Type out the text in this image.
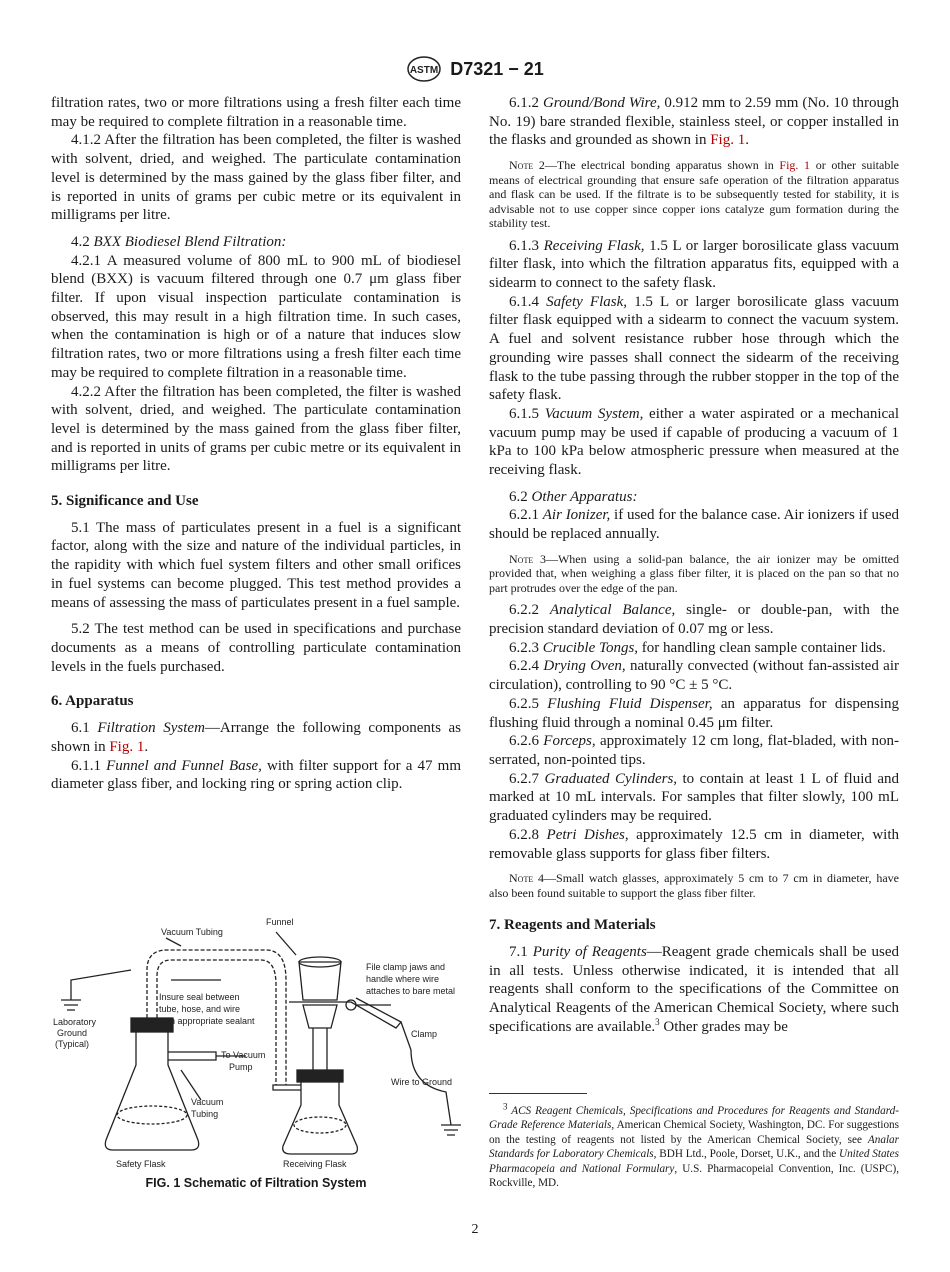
ASTM D7321 − 21

filtration rates, two or more filtrations using a fresh filter each time may be required to complete filtration in a reasonable time.

4.1.2 After the filtration has been completed, the filter is washed with solvent, dried, and weighed. The particulate contamination level is determined by the mass gained by the glass fiber filter, and is reported in units of grams per cubic metre or its equivalent in milligrams per litre.

4.2 BXX Biodiesel Blend Filtration:

4.2.1 A measured volume of 800 mL to 900 mL of biodiesel blend (BXX) is vacuum filtered through one 0.7 μm glass fiber filter. If upon visual inspection particulate contamination is observed, this may result in a high filtration time. In such cases, when the contamination is high or of a nature that induces slow filtration rates, two or more filtrations using a fresh filter each time may be required to complete filtration in a reasonable time.

4.2.2 After the filtration has been completed, the filter is washed with solvent, dried, and weighed. The particulate contamination level is determined by the mass gained from the glass fiber filter, and is reported in units of grams per cubic metre or its equivalent in milligrams per litre.

5. Significance and Use

5.1 The mass of particulates present in a fuel is a significant factor, along with the size and nature of the individual particles, in the rapidity with which fuel system filters and other small orifices in fuel systems can become plugged. This test method provides a means of assessing the mass of particulates present in a fuel sample.

5.2 The test method can be used in specifications and purchase documents as a means of controlling particulate contamination levels in the fuels purchased.

6. Apparatus

6.1 Filtration System—Arrange the following components as shown in Fig. 1.

6.1.1 Funnel and Funnel Base, with filter support for a 47 mm diameter glass fiber, and locking ring or spring action clip.

Vacuum Tubing
Funnel
File clamp jaws and
handle where wire
attaches to bare metal
Insure seal between
tube, hose, and wire
with appropriate sealant
Laboratory
Ground
(Typical)
Clamp
To Vacuum
Pump
Vacuum
Tubing
Wire to Ground
Safety Flask	Receiving Flask
FIG. 1 Schematic of Filtration System

6.1.2 Ground/Bond Wire, 0.912 mm to 2.59 mm (No. 10 through No. 19) bare stranded flexible, stainless steel, or copper installed in the flasks and grounded as shown in Fig. 1.

Note 2—The electrical bonding apparatus shown in Fig. 1 or other suitable means of electrical grounding that ensure safe operation of the filtration apparatus and flask can be used. If the filtrate is to be subsequently tested for stability, it is advisable not to use copper since copper ions catalyze gum formation during the stability test.

6.1.3 Receiving Flask, 1.5 L or larger borosilicate glass vacuum filter flask, into which the filtration apparatus fits, equipped with a sidearm to connect to the safety flask.

6.1.4 Safety Flask, 1.5 L or larger borosilicate glass vacuum filter flask equipped with a sidearm to connect the vacuum system. A fuel and solvent resistance rubber hose through which the grounding wire passes shall connect the sidearm of the receiving flask to the tube passing through the rubber stopper in the top of the safety flask.

6.1.5 Vacuum System, either a water aspirated or a mechanical vacuum pump may be used if capable of producing a vacuum of 1 kPa to 100 kPa below atmospheric pressure when measured at the receiving flask.

6.2 Other Apparatus:

6.2.1 Air Ionizer, if used for the balance case. Air ionizers if used should be replaced annually.

Note 3—When using a solid-pan balance, the air ionizer may be omitted provided that, when weighing a glass fiber filter, it is placed on the pan so that no part protrudes over the edge of the pan.

6.2.2 Analytical Balance, single- or double-pan, with the precision standard deviation of 0.07 mg or less.

6.2.3 Crucible Tongs, for handling clean sample container lids.

6.2.4 Drying Oven, naturally convected (without fan-assisted air circulation), controlling to 90 °C ± 5 °C.

6.2.5 Flushing Fluid Dispenser, an apparatus for dispensing flushing fluid through a nominal 0.45 μm filter.

6.2.6 Forceps, approximately 12 cm long, flat-bladed, with non-serrated, non-pointed tips.

6.2.7 Graduated Cylinders, to contain at least 1 L of fluid and marked at 10 mL intervals. For samples that filter slowly, 100 mL graduated cylinders may be required.

6.2.8 Petri Dishes, approximately 12.5 cm in diameter, with removable glass supports for glass fiber filters.

Note 4—Small watch glasses, approximately 5 cm to 7 cm in diameter, have also been found suitable to support the glass fiber filter.

7. Reagents and Materials

7.1 Purity of Reagents—Reagent grade chemicals shall be used in all tests. Unless otherwise indicated, it is intended that all reagents shall conform to the specifications of the Committee on Analytical Reagents of the American Chemical Society, where such specifications are available.$^3$ Other grades may be

$^3$ ACS Reagent Chemicals, Specifications and Procedures for Reagents and Standard-Grade Reference Materials, American Chemical Society, Washington, DC. For suggestions on the testing of reagents not listed by the American Chemical Society, see Analar Standards for Laboratory Chemicals, BDH Ltd., Poole, Dorset, U.K., and the United States Pharmacopeia and National Formulary, U.S. Pharmacopeial Convention, Inc. (USPC), Rockville, MD.
2
